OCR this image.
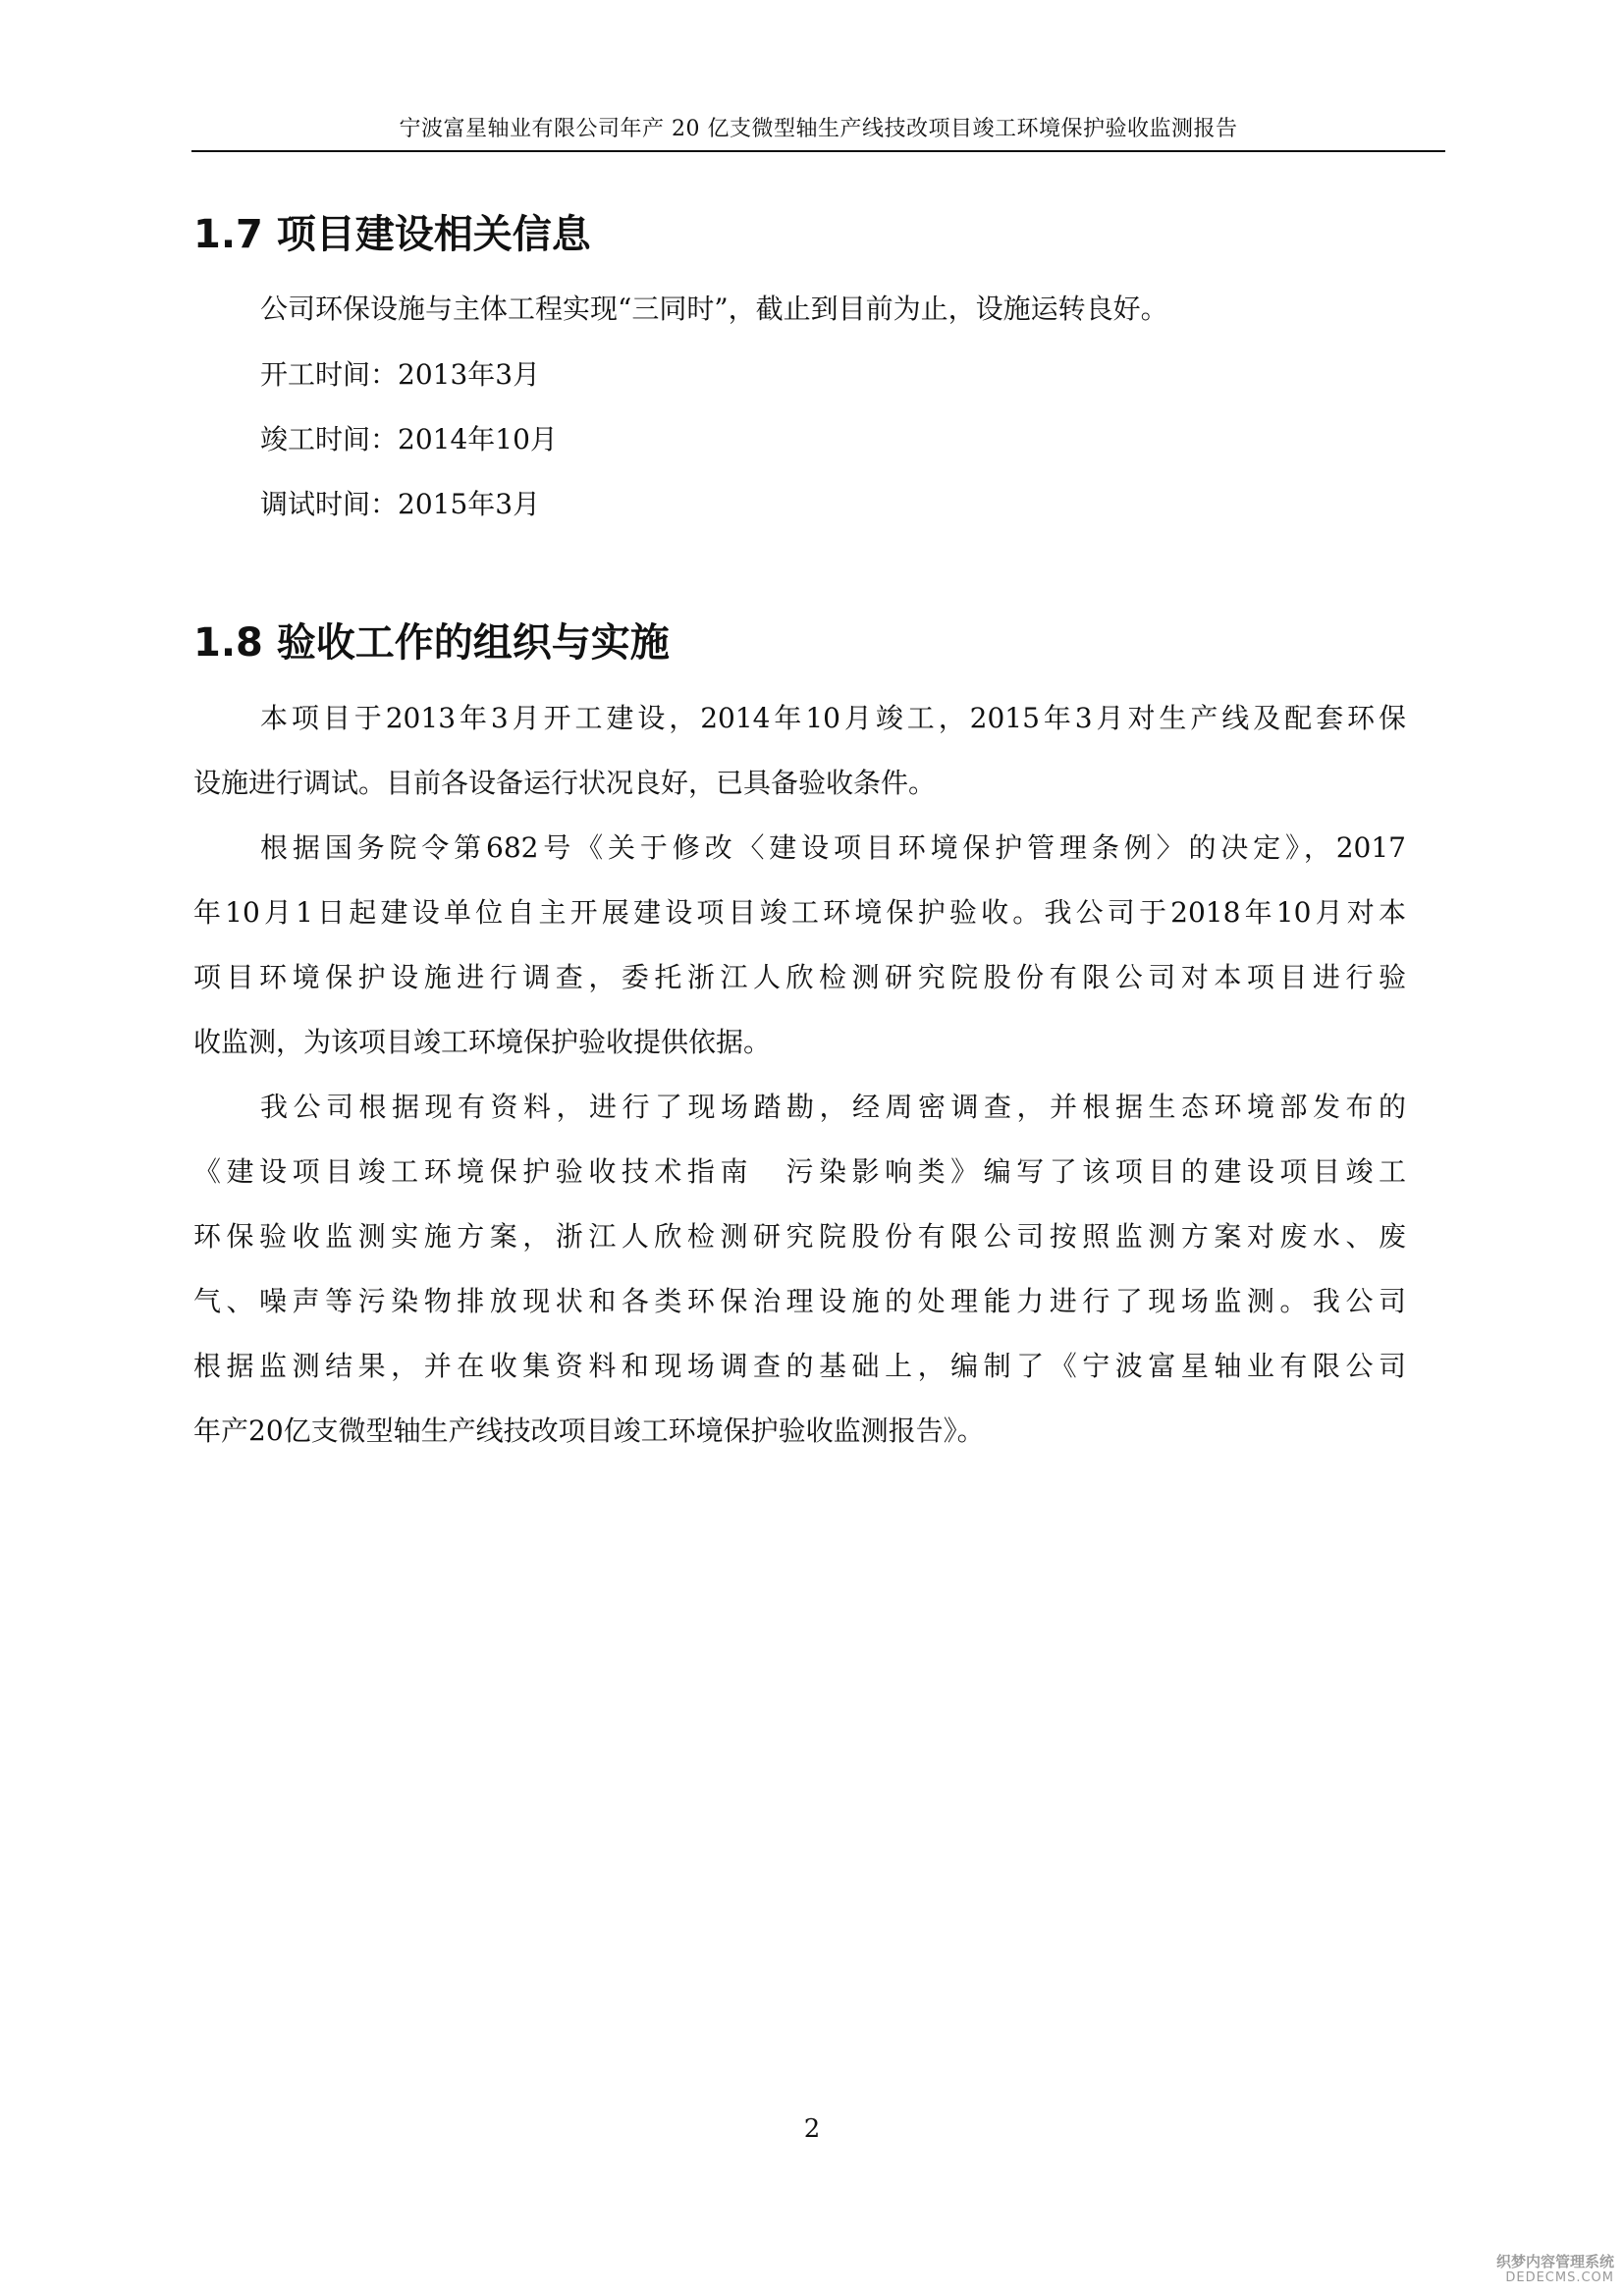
宁波富星轴业有限公司年产 20 亿支微型轴生产线技改项目竣工环境保护验收监测报告
1.7 项目建设相关信息
公司环保设施与主体工程实现“三同时”，截止到目前为止，设施运转良好。
开工时间：2013年3月
竣工时间：2014年10月
调试时间：2015年3月
1.8 验收工作的组织与实施
本项目于2013年3月开工建设，2014年10月竣工，2015年3月对生产线及配套环保
设施进行调试。目前各设备运行状况良好，已具备验收条件。
根据国务院令第682号《关于修改〈建设项目环境保护管理条例〉的决定》，2017
年10月1日起建设单位自主开展建设项目竣工环境保护验收。我公司于2018年10月对本
项目环境保护设施进行调查，委托浙江人欣检测研究院股份有限公司对本项目进行验
收监测，为该项目竣工环境保护验收提供依据。
我公司根据现有资料，进行了现场踏勘，经周密调查，并根据生态环境部发布的
《建设项目竣工环境保护验收技术指南　污染影响类》编写了该项目的建设项目竣工
环保验收监测实施方案，浙江人欣检测研究院股份有限公司按照监测方案对废水、废
气、噪声等污染物排放现状和各类环保治理设施的处理能力进行了现场监测。我公司
根据监测结果，并在收集资料和现场调查的基础上，编制了《宁波富星轴业有限公司
年产20亿支微型轴生产线技改项目竣工环境保护验收监测报告》。
2
织梦内容管理系统
DEDECMS.COM
